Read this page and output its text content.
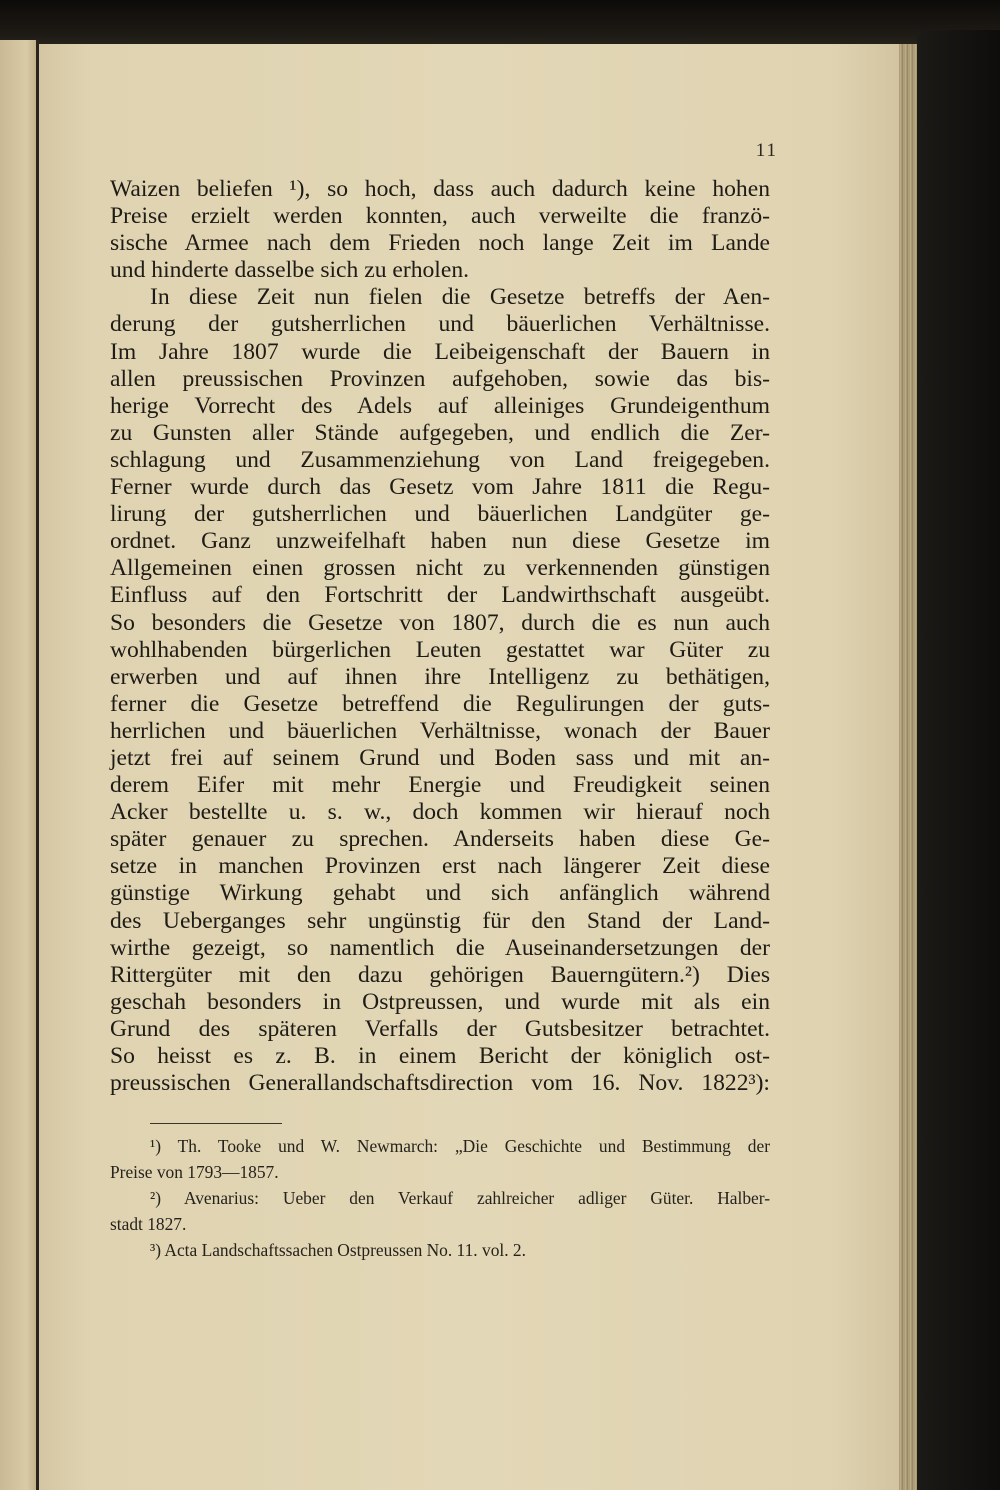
11
Waizen beliefen ¹), so hoch, dass auch dadurch keine hohen
Preise erzielt werden konnten, auch verweilte die franzö-
sische Armee nach dem Frieden noch lange Zeit im Lande
und hinderte dasselbe sich zu erholen.
In diese Zeit nun fielen die Gesetze betreffs der Aen-
derung der gutsherrlichen und bäuerlichen Verhältnisse.
Im Jahre 1807 wurde die Leibeigenschaft der Bauern in
allen preussischen Provinzen aufgehoben, sowie das bis-
herige Vorrecht des Adels auf alleiniges Grundeigenthum
zu Gunsten aller Stände aufgegeben, und endlich die Zer-
schlagung und Zusammenziehung von Land freigegeben.
Ferner wurde durch das Gesetz vom Jahre 1811 die Regu-
lirung der gutsherrlichen und bäuerlichen Landgüter ge-
ordnet. Ganz unzweifelhaft haben nun diese Gesetze im
Allgemeinen einen grossen nicht zu verkennenden günstigen
Einfluss auf den Fortschritt der Landwirthschaft ausgeübt.
So besonders die Gesetze von 1807, durch die es nun auch
wohlhabenden bürgerlichen Leuten gestattet war Güter zu
erwerben und auf ihnen ihre Intelligenz zu bethätigen,
ferner die Gesetze betreffend die Regulirungen der guts-
herrlichen und bäuerlichen Verhältnisse, wonach der Bauer
jetzt frei auf seinem Grund und Boden sass und mit an-
derem Eifer mit mehr Energie und Freudigkeit seinen
Acker bestellte u. s. w., doch kommen wir hierauf noch
später genauer zu sprechen. Anderseits haben diese Ge-
setze in manchen Provinzen erst nach längerer Zeit diese
günstige Wirkung gehabt und sich anfänglich während
des Ueberganges sehr ungünstig für den Stand der Land-
wirthe gezeigt, so namentlich die Auseinandersetzungen der
Rittergüter mit den dazu gehörigen Bauerngütern.²) Dies
geschah besonders in Ostpreussen, und wurde mit als ein
Grund des späteren Verfalls der Gutsbesitzer betrachtet.
So heisst es z. B. in einem Bericht der königlich ost-
preussischen Generallandschaftsdirection vom 16. Nov. 1822³):
¹) Th. Tooke und W. Newmarch: „Die Geschichte und Bestimmung der
Preise von 1793—1857.
²) Avenarius: Ueber den Verkauf zahlreicher adliger Güter. Halber-
stadt 1827.
³) Acta Landschaftssachen Ostpreussen No. 11. vol. 2.
